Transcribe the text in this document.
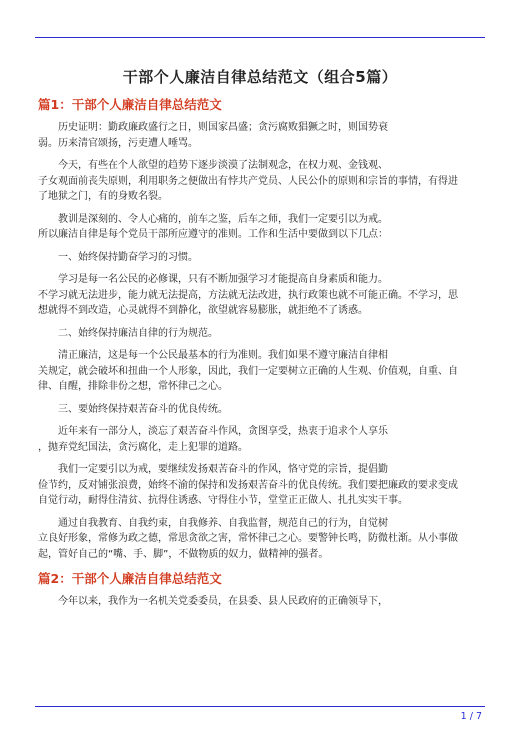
干部个人廉洁自律总结范文（组合5篇）
篇1：干部个人廉洁自律总结范文
历史证明：勤政廉政盛行之日，则国家昌盛；贪污腐败猖獗之时，则国势衰
弱。历来清官颂扬，污吏遭人唾骂。
今天，有些在个人欲望的趋势下逐步淡漠了法制观念，在权力观、金钱观、
子女观面前丧失原则，利用职务之便做出有悖共产党员、人民公仆的原则和宗旨的事情，有得进
了地狱之门，有的身败名裂。
教训是深刻的、令人心痛的，前车之鉴，后车之师，我们一定要引以为戒。
所以廉洁自律是每个党员干部所应遵守的准则。工作和生活中要做到以下几点：
一、始终保持勤奋学习的习惯。
学习是每一名公民的必修课，只有不断加强学习才能提高自身素质和能力。
不学习就无法进步，能力就无法提高，方法就无法改进，执行政策也就不可能正确。不学习，思
想就得不到改造，心灵就得不到静化，欲望就容易膨胀，就拒绝不了诱惑。
二、始终保持廉洁自律的行为规范。
清正廉洁，这是每一个公民最基本的行为准则。我们如果不遵守廉洁自律相
关规定，就会破坏和扭曲一个人形象，因此，我们一定要树立正确的人生观、价值观，自重、自
律、自醒，排除非份之想，常怀律己之心。
三、要始终保持艰苦奋斗的优良传统。
近年来有一部分人，淡忘了艰苦奋斗作风，贪图享受，热衷于追求个人享乐
，抛弃党纪国法，贪污腐化，走上犯罪的道路。
我们一定要引以为戒，要继续发扬艰苦奋斗的作风，恪守党的宗旨，提倡勤
俭节约，反对铺张浪费，始终不渝的保持和发扬艰苦奋斗的优良传统。我们要把廉政的要求变成
自觉行动，耐得住清贫、抗得住诱惑、守得住小节，堂堂正正做人、扎扎实实干事。
通过自我教育、自我约束，自我修养、自我监督，规范自己的行为，自觉树
立良好形象，常修为政之德，常思贪欲之害，常怀律己之心。要警钟长鸣，防微杜渐。从小事做
起，管好自己的“嘴、手、脚”，不做物质的奴力，做精神的强者。
篇2：干部个人廉洁自律总结范文
今年以来，我作为一名机关党委委员，在县委、县人民政府的正确领导下，
1 / 7
